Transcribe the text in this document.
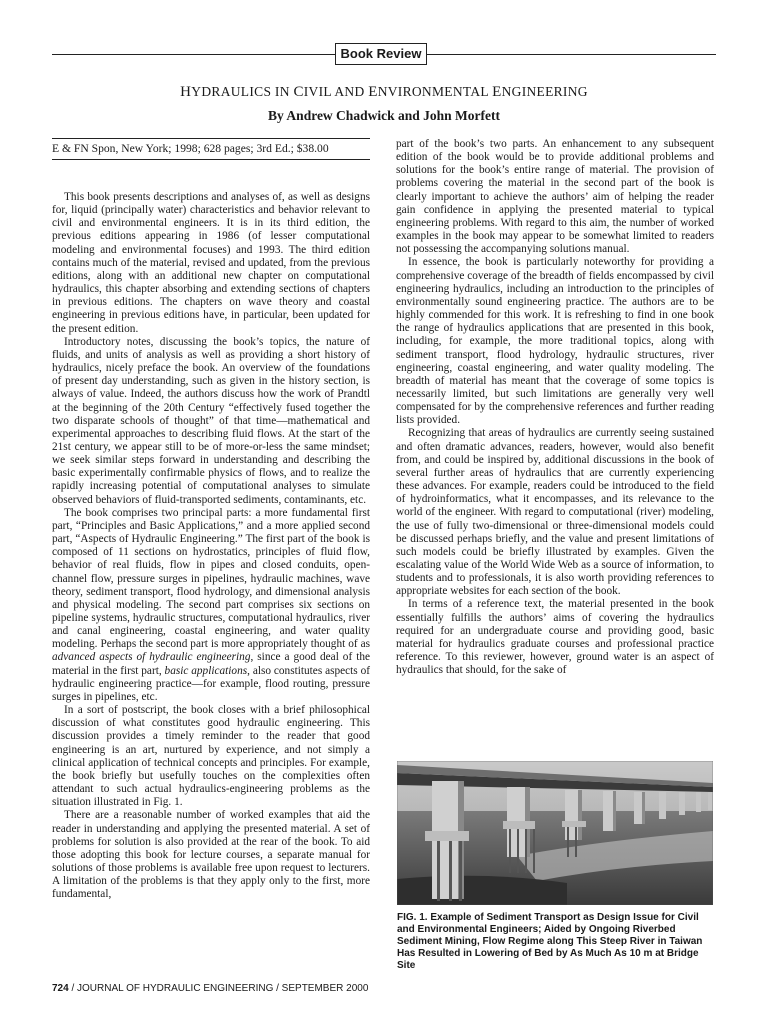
Book Review
HYDRAULICS IN CIVIL AND ENVIRONMENTAL ENGINEERING
By Andrew Chadwick and John Morfett
E & FN Spon, New York; 1998; 628 pages; 3rd Ed.; $38.00

This book presents descriptions and analyses of, as well as designs for, liquid (principally water) characteristics and behavior relevant to civil and environmental engineers. It is in its third edition, the previous editions appearing in 1986 (of lesser computational modeling and environmental focuses) and 1993. The third edition contains much of the material, revised and updated, from the previous editions, along with an additional new chapter on computational hydraulics, this chapter absorbing and extending sections of chapters in previous editions. The chapters on wave theory and coastal engineering in previous editions have, in particular, been updated for the present edition.

Introductory notes, discussing the book’s topics, the nature of fluids, and units of analysis as well as providing a short history of hydraulics, nicely preface the book. An overview of the foundations of present day understanding, such as given in the history section, is always of value. Indeed, the authors discuss how the work of Prandtl at the beginning of the 20th Century “effectively fused together the two disparate schools of thought” of that time—mathematical and experimental approaches to describing fluid flows. At the start of the 21st century, we appear still to be of more-or-less the same mindset; we seek similar steps forward in understanding and describing the basic experimentally confirmable physics of flows, and to realize the rapidly increasing potential of computational analyses to simulate observed behaviors of fluid-transported sediments, contaminants, etc.

The book comprises two principal parts: a more fundamental first part, “Principles and Basic Applications,” and a more applied second part, “Aspects of Hydraulic Engineering.” The first part of the book is composed of 11 sections on hydrostatics, principles of fluid flow, behavior of real fluids, flow in pipes and closed conduits, open-channel flow, pressure surges in pipelines, hydraulic machines, wave theory, sediment transport, flood hydrology, and dimensional analysis and physical modeling. The second part comprises six sections on pipeline systems, hydraulic structures, computational hydraulics, river and canal engineering, coastal engineering, and water quality modeling. Perhaps the second part is more appropriately thought of as advanced aspects of hydraulic engineering, since a good deal of the material in the first part, basic applications, also constitutes aspects of hydraulic engineering practice—for example, flood routing, pressure surges in pipelines, etc.

In a sort of postscript, the book closes with a brief philosophical discussion of what constitutes good hydraulic engineering. This discussion provides a timely reminder to the reader that good engineering is an art, nurtured by experience, and not simply a clinical application of technical concepts and principles. For example, the book briefly but usefully touches on the complexities often attendant to such actual hydraulics-engineering problems as the situation illustrated in Fig. 1.

There are a reasonable number of worked examples that aid the reader in understanding and applying the presented material. A set of problems for solution is also provided at the rear of the book. To aid those adopting this book for lecture courses, a separate manual for solutions of those problems is available free upon request to lecturers. A limitation of the problems is that they apply only to the first, more fundamental,

part of the book’s two parts. An enhancement to any subsequent edition of the book would be to provide additional problems and solutions for the book’s entire range of material. The provision of problems covering the material in the second part of the book is clearly important to achieve the authors’ aim of helping the reader gain confidence in applying the presented material to typical engineering problems. With regard to this aim, the number of worked examples in the book may appear to be somewhat limited to readers not possessing the accompanying solutions manual.

In essence, the book is particularly noteworthy for providing a comprehensive coverage of the breadth of fields encompassed by civil engineering hydraulics, including an introduction to the principles of environmentally sound engineering practice. The authors are to be highly commended for this work. It is refreshing to find in one book the range of hydraulics applications that are presented in this book, including, for example, the more traditional topics, along with sediment transport, flood hydrology, hydraulic structures, river engineering, coastal engineering, and water quality modeling. The breadth of material has meant that the coverage of some topics is necessarily limited, but such limitations are generally very well compensated for by the comprehensive references and further reading lists provided.

Recognizing that areas of hydraulics are currently seeing sustained and often dramatic advances, readers, however, would also benefit from, and could be inspired by, additional discussions in the book of several further areas of hydraulics that are currently experiencing these advances. For example, readers could be introduced to the field of hydroinformatics, what it encompasses, and its relevance to the world of the engineer. With regard to computational (river) modeling, the use of fully two-dimensional or three-dimensional models could be discussed perhaps briefly, and the value and present limitations of such models could be briefly illustrated by examples. Given the escalating value of the World Wide Web as a source of information, to students and to professionals, it is also worth providing references to appropriate websites for each section of the book.

In terms of a reference text, the material presented in the book essentially fulfills the authors’ aims of covering the hydraulics required for an undergraduate course and providing good, basic material for hydraulics graduate courses and professional practice reference. To this reviewer, however, ground water is an aspect of hydraulics that should, for the sake of

FIG. 1. Example of Sediment Transport as Design Issue for Civil and Environmental Engineers; Aided by Ongoing Riverbed Sediment Mining, Flow Regime along This Steep River in Taiwan Has Resulted in Lowering of Bed by As Much As 10 m at Bridge Site
724 / JOURNAL OF HYDRAULIC ENGINEERING / SEPTEMBER 2000
